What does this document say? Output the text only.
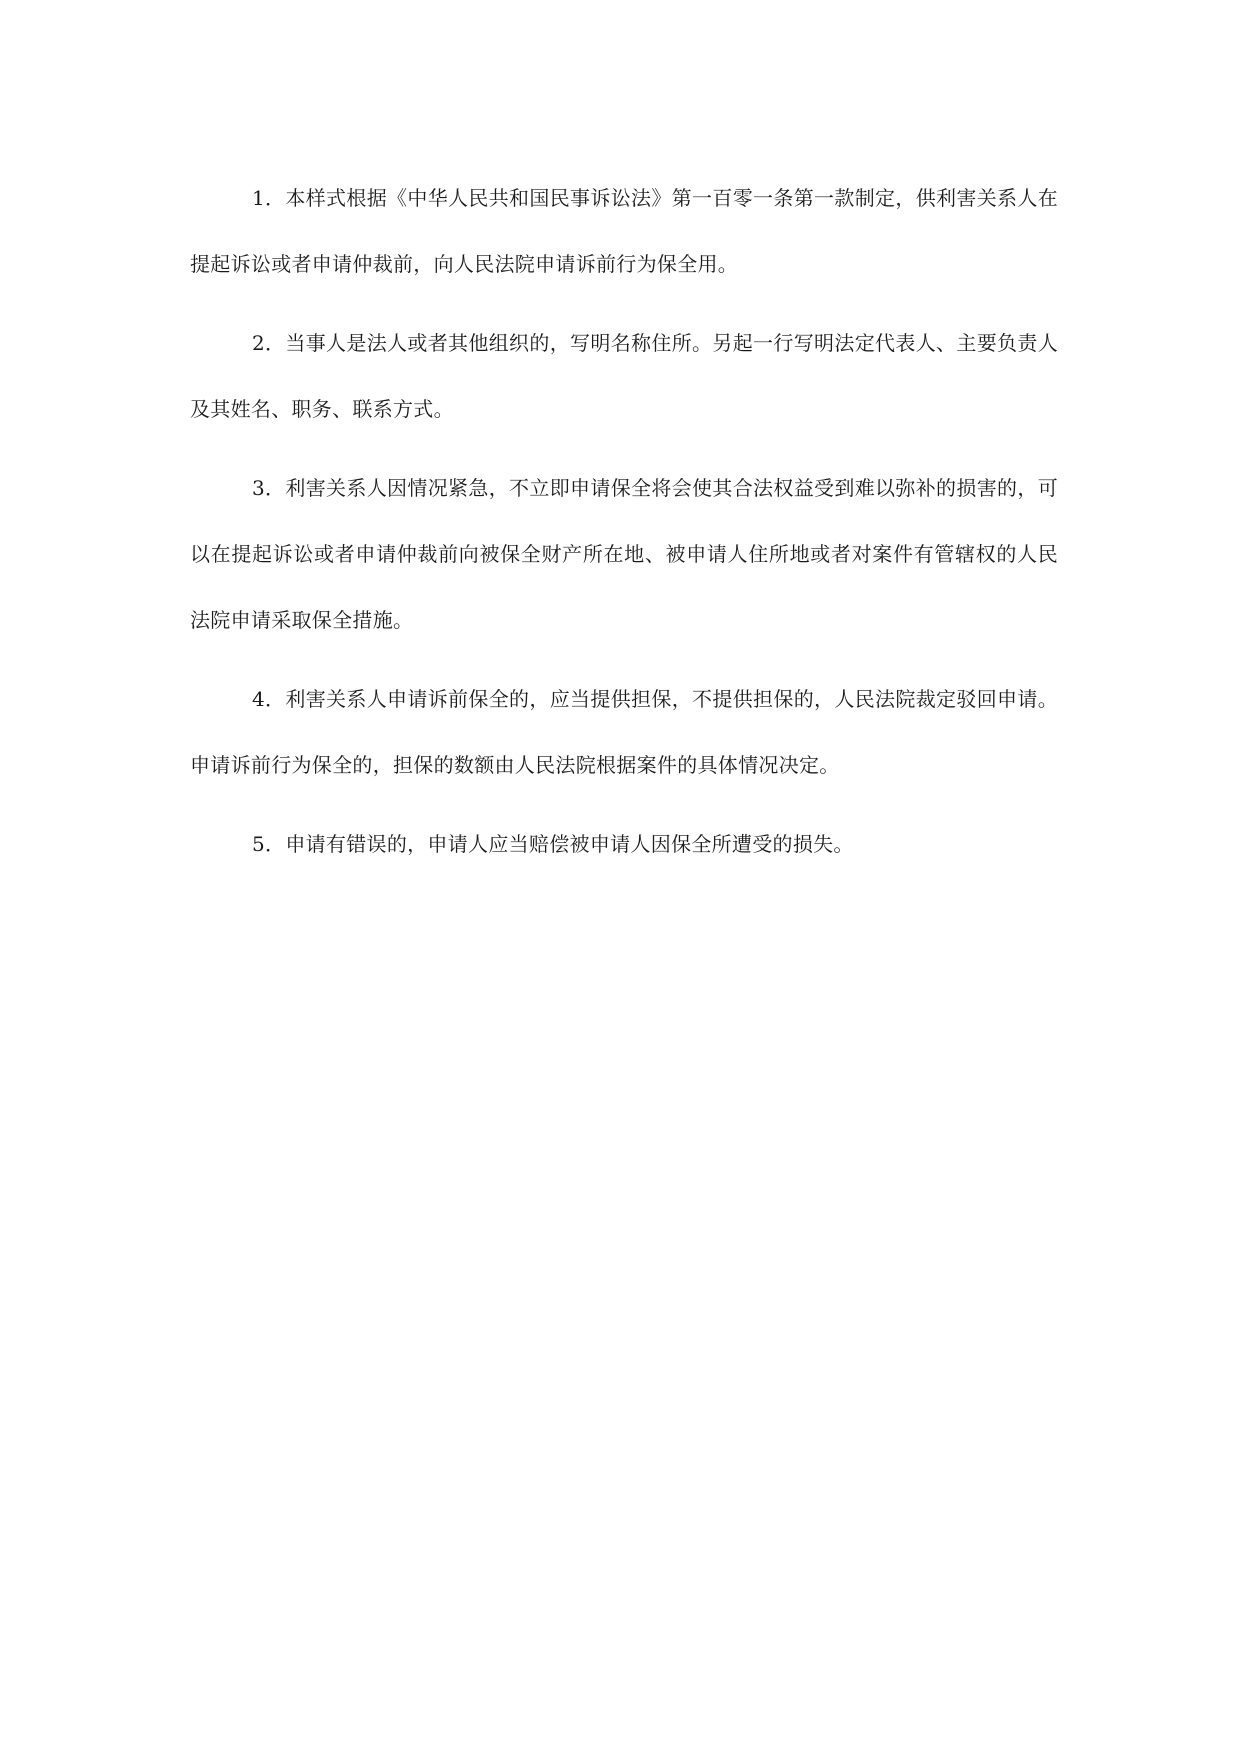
1．本样式根据《中华人民共和国民事诉讼法》第一百零一条第一款制定，供利害关系人在提起诉讼或者申请仲裁前，向人民法院申请诉前行为保全用。

2．当事人是法人或者其他组织的，写明名称住所。另起一行写明法定代表人、主要负责人及其姓名、职务、联系方式。

3．利害关系人因情况紧急，不立即申请保全将会使其合法权益受到难以弥补的损害的，可以在提起诉讼或者申请仲裁前向被保全财产所在地、被申请人住所地或者对案件有管辖权的人民法院申请采取保全措施。

4．利害关系人申请诉前保全的，应当提供担保，不提供担保的，人民法院裁定驳回申请。申请诉前行为保全的，担保的数额由人民法院根据案件的具体情况决定。

5．申请有错误的，申请人应当赔偿被申请人因保全所遭受的损失。
